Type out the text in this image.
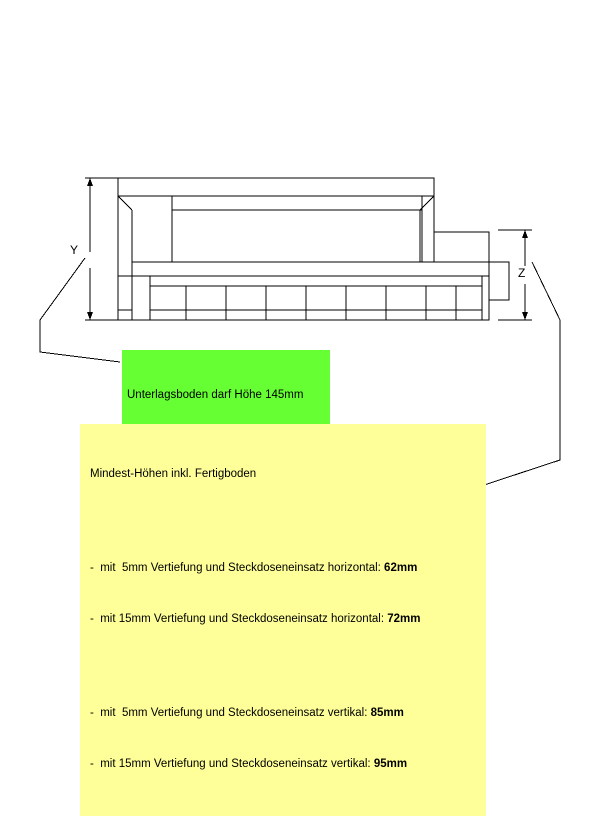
Y
Z

Unterlagsboden darf Höhe 145mm

Mindest-Höhen inkl. Fertigboden

-  mit  5mm Vertiefung und Steckdoseneinsatz horizontal: 62mm

-  mit 15mm Vertiefung und Steckdoseneinsatz horizontal: 72mm

-  mit  5mm Vertiefung und Steckdoseneinsatz vertikal: 85mm

-  mit 15mm Vertiefung und Steckdoseneinsatz vertikal: 95mm
